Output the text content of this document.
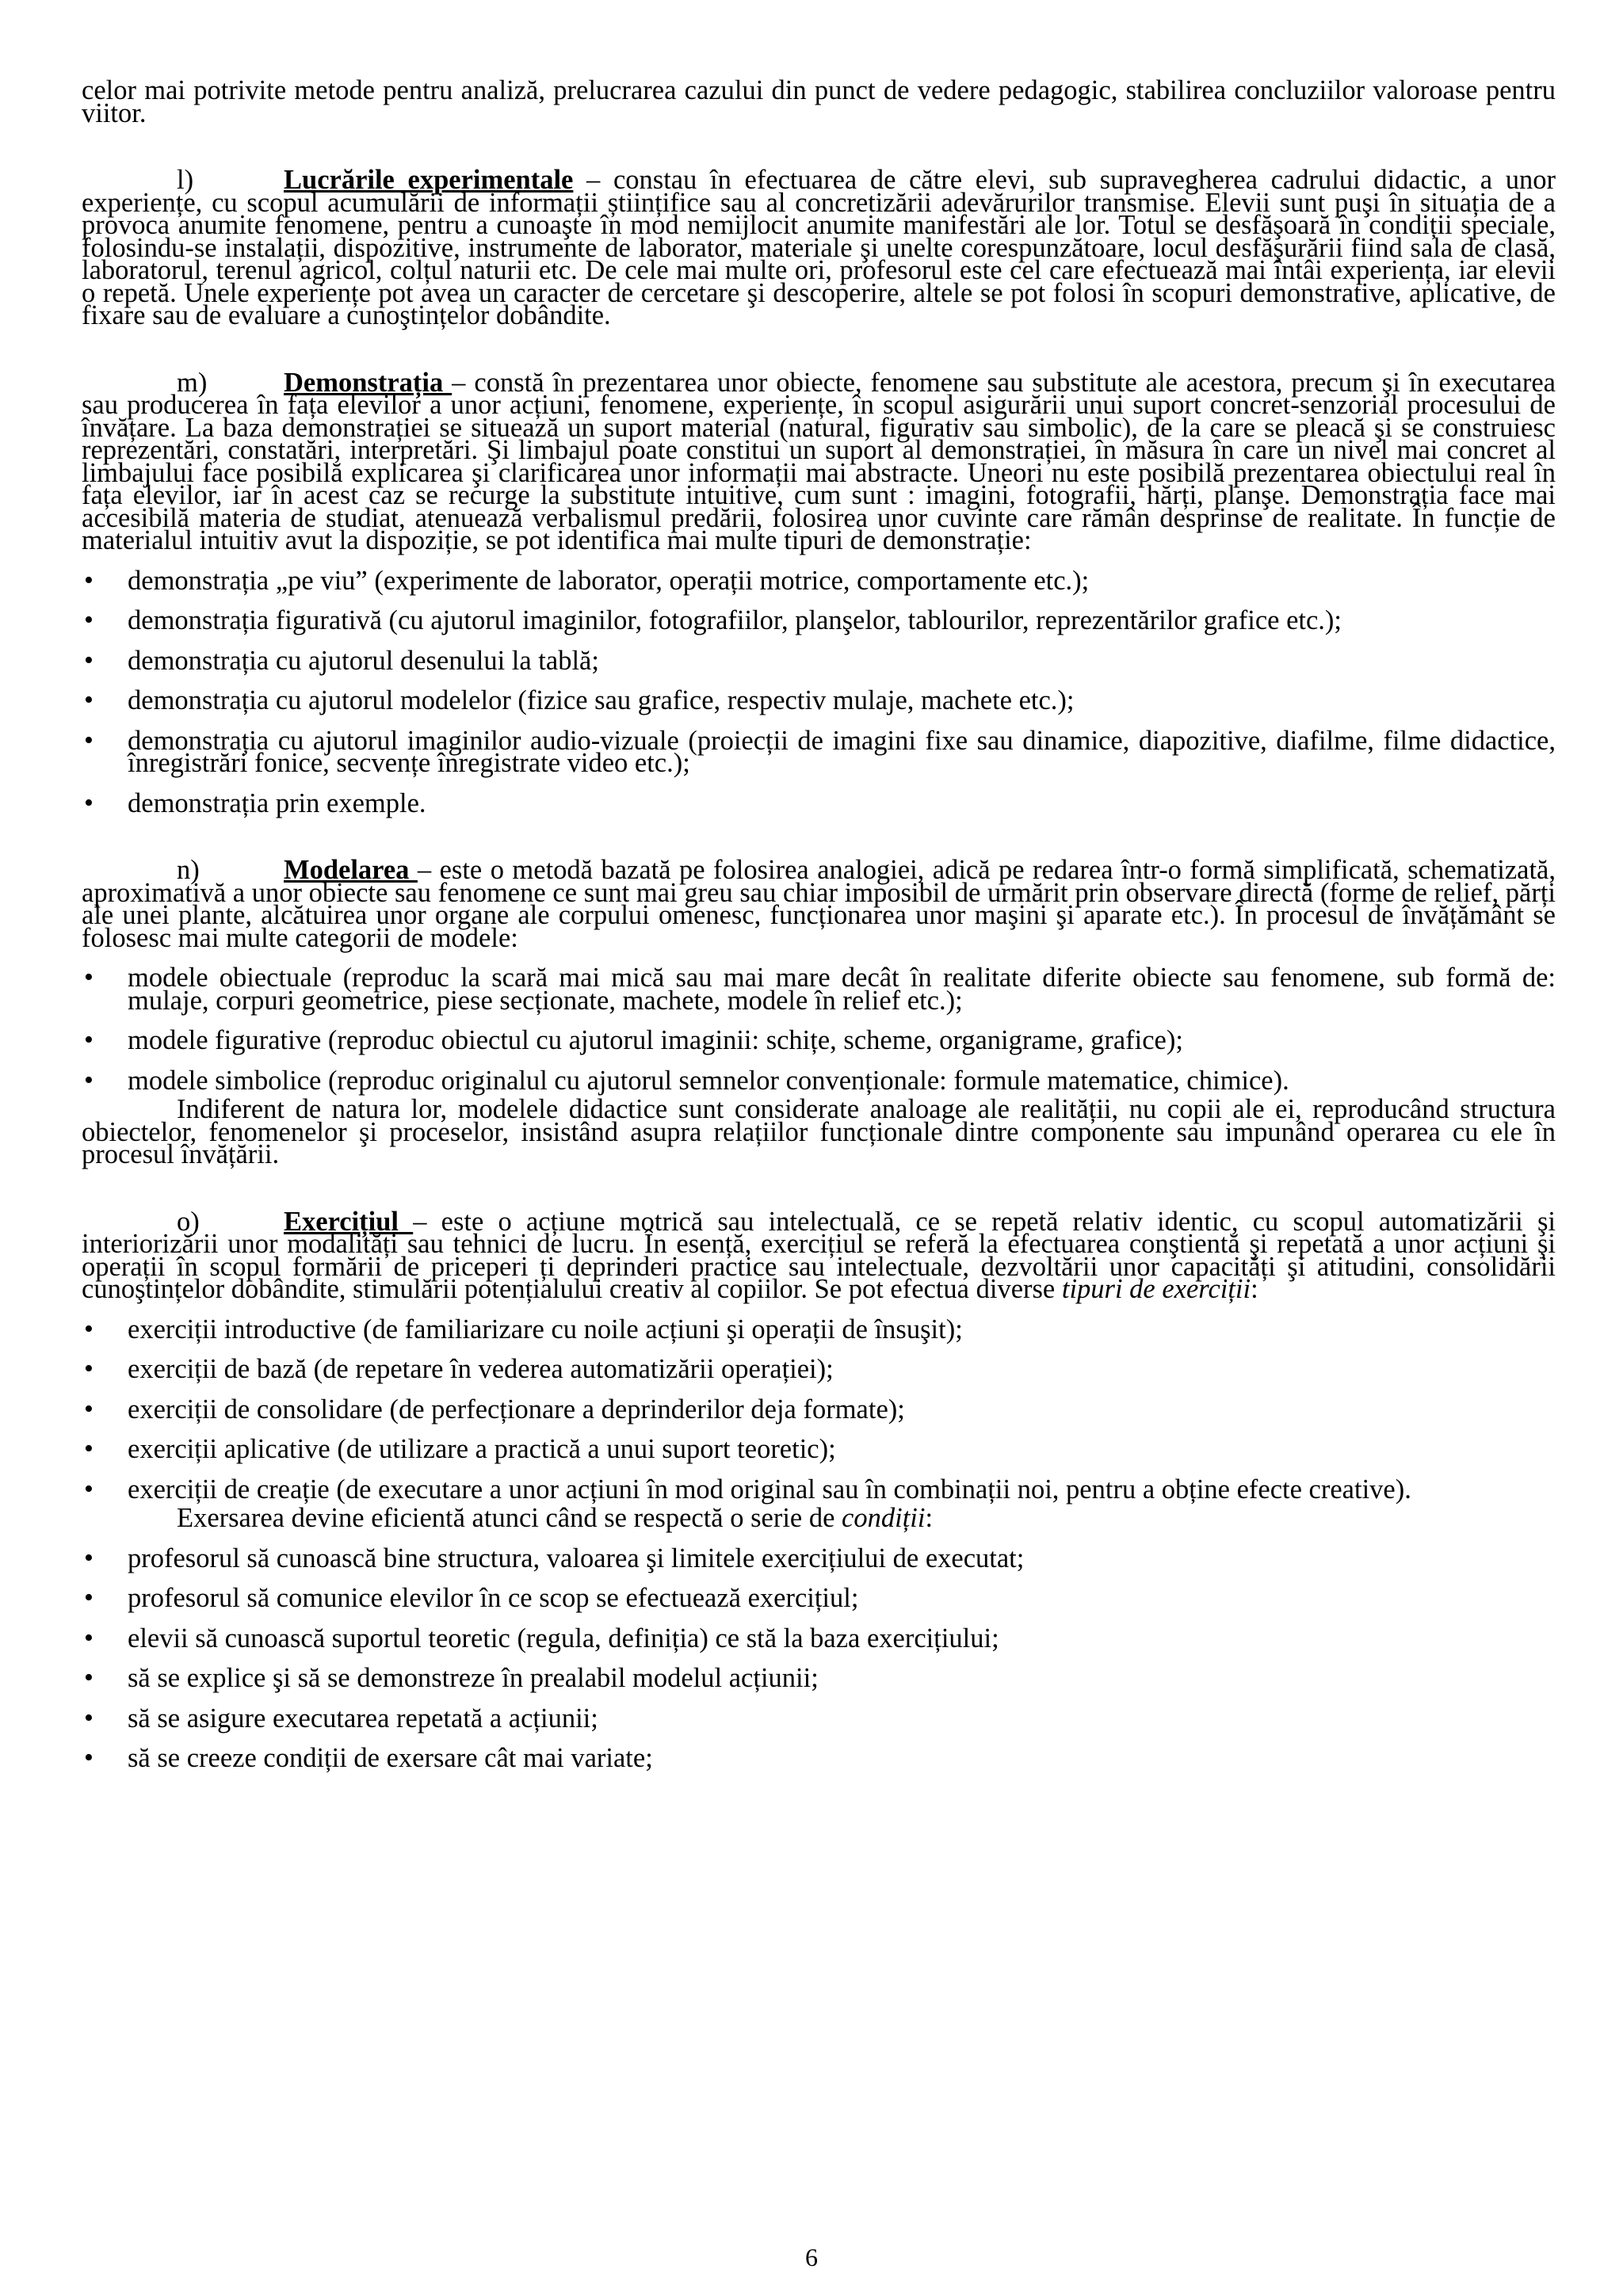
celor mai potrivite metode pentru analiză, prelucrarea cazului din punct de vedere pedagogic, stabilirea concluziilor valoroase pentru viitor.

l)	Lucrările experimentale – constau în efectuarea de către elevi, sub supravegherea cadrului didactic, a unor experiențe, cu scopul acumulării de informații științifice sau al concretizării adevărurilor transmise. Elevii sunt puşi în situația de a provoca anumite fenomene, pentru a cunoaşte în mod nemijlocit anumite manifestări ale lor. Totul se desfăşoară în condiții speciale, folosindu-se instalații, dispozitive, instrumente de laborator, materiale şi unelte corespunzătoare, locul desfăşurării fiind sala de clasă, laboratorul, terenul agricol, colțul naturii etc. De cele mai multe ori, profesorul este cel care efectuează mai întâi experiența, iar elevii o repetă. Unele experiențe pot avea un caracter de cercetare şi descoperire, altele se pot folosi în scopuri demonstrative, aplicative, de fixare sau de evaluare a cunoştințelor dobândite.

m)	Demonstrația – constă în prezentarea unor obiecte, fenomene sau substitute ale acestora, precum şi în executarea sau producerea în fața elevilor a unor acțiuni, fenomene, experiențe, în scopul asigurării unui suport concret-senzorial procesului de învățare. La baza demonstrației se situează un suport material (natural, figurativ sau simbolic), de la care se pleacă şi se construiesc reprezentări, constatări, interpretări. Şi limbajul poate constitui un suport al demonstrației, în măsura în care un nivel mai concret al limbajului face posibilă explicarea şi clarificarea unor informații mai abstracte. Uneori nu este posibilă prezentarea obiectului real în fața elevilor, iar în acest caz se recurge la substitute intuitive, cum sunt : imagini, fotografii, hărți, planşe. Demonstrația face mai accesibilă materia de studiat, atenuează verbalismul predării, folosirea unor cuvinte care rămân desprinse de realitate. În funcție de materialul intuitiv avut la dispoziție, se pot identifica mai multe tipuri de demonstrație:

• demonstrația „pe viu” (experimente de laborator, operații motrice, comportamente etc.);
• demonstrația figurativă (cu ajutorul imaginilor, fotografiilor, planşelor, tablourilor, reprezentărilor grafice etc.);
• demonstrația cu ajutorul desenului la tablă;
• demonstrația cu ajutorul modelelor (fizice sau grafice, respectiv mulaje, machete etc.);
• demonstrația cu ajutorul imaginilor audio-vizuale (proiecții de imagini fixe sau dinamice, diapozitive, diafilme, filme didactice, înregistrări fonice, secvențe înregistrate video etc.);
• demonstrația prin exemple.

n)	Modelarea – este o metodă bazată pe folosirea analogiei, adică pe redarea într-o formă simplificată, schematizată, aproximativă a unor obiecte sau fenomene ce sunt mai greu sau chiar imposibil de urmărit prin observare directă (forme de relief, părți ale unei plante, alcătuirea unor organe ale corpului omenesc, funcționarea unor maşini şi aparate etc.). În procesul de învățământ se folosesc mai multe categorii de modele:

• modele obiectuale (reproduc la scară mai mică sau mai mare decât în realitate diferite obiecte sau fenomene, sub formă de: mulaje, corpuri geometrice, piese secționate, machete, modele în relief etc.);
• modele figurative (reproduc obiectul cu ajutorul imaginii: schițe, scheme, organigrame, grafice);
• modele simbolice (reproduc originalul cu ajutorul semnelor convenționale: formule matematice, chimice).

Indiferent de natura lor, modelele didactice sunt considerate analoage ale realității, nu copii ale ei, reproducând structura obiectelor, fenomenelor şi proceselor, insistând asupra relațiilor funcționale dintre componente sau impunând operarea cu ele în procesul învățării.

o)	Exercițiul – este o acțiune motrică sau intelectuală, ce se repetă relativ identic, cu scopul automatizării şi interiorizării unor modalități sau tehnici de lucru. În esență, exercițiul se referă la efectuarea conştientă şi repetată a unor acțiuni şi operații în scopul formării de priceperi ți deprinderi practice sau intelectuale, dezvoltării unor capacități şi atitudini, consolidării cunoştințelor dobândite, stimulării potențialului creativ al copiilor. Se pot efectua diverse tipuri de exerciții:

• exerciții introductive (de familiarizare cu noile acțiuni şi operații de însuşit);
• exerciții de bază (de repetare în vederea automatizării operației);
• exerciții de consolidare (de perfecționare a deprinderilor deja formate);
• exerciții aplicative (de utilizare a practică a unui suport teoretic);
• exerciții de creație (de executare a unor acțiuni în mod original sau în combinații noi, pentru a obține efecte creative).

Exersarea devine eficientă atunci când se respectă o serie de condiții:

• profesorul să cunoască bine structura, valoarea şi limitele exercițiului de executat;
• profesorul să comunice elevilor în ce scop se efectuează exercițiul;
• elevii să cunoască suportul teoretic (regula, definiția) ce stă la baza exercițiului;
• să se explice şi să se demonstreze în prealabil modelul acțiunii;
• să se asigure executarea repetată a acțiunii;
• să se creeze condiții de exersare cât mai variate;
6
